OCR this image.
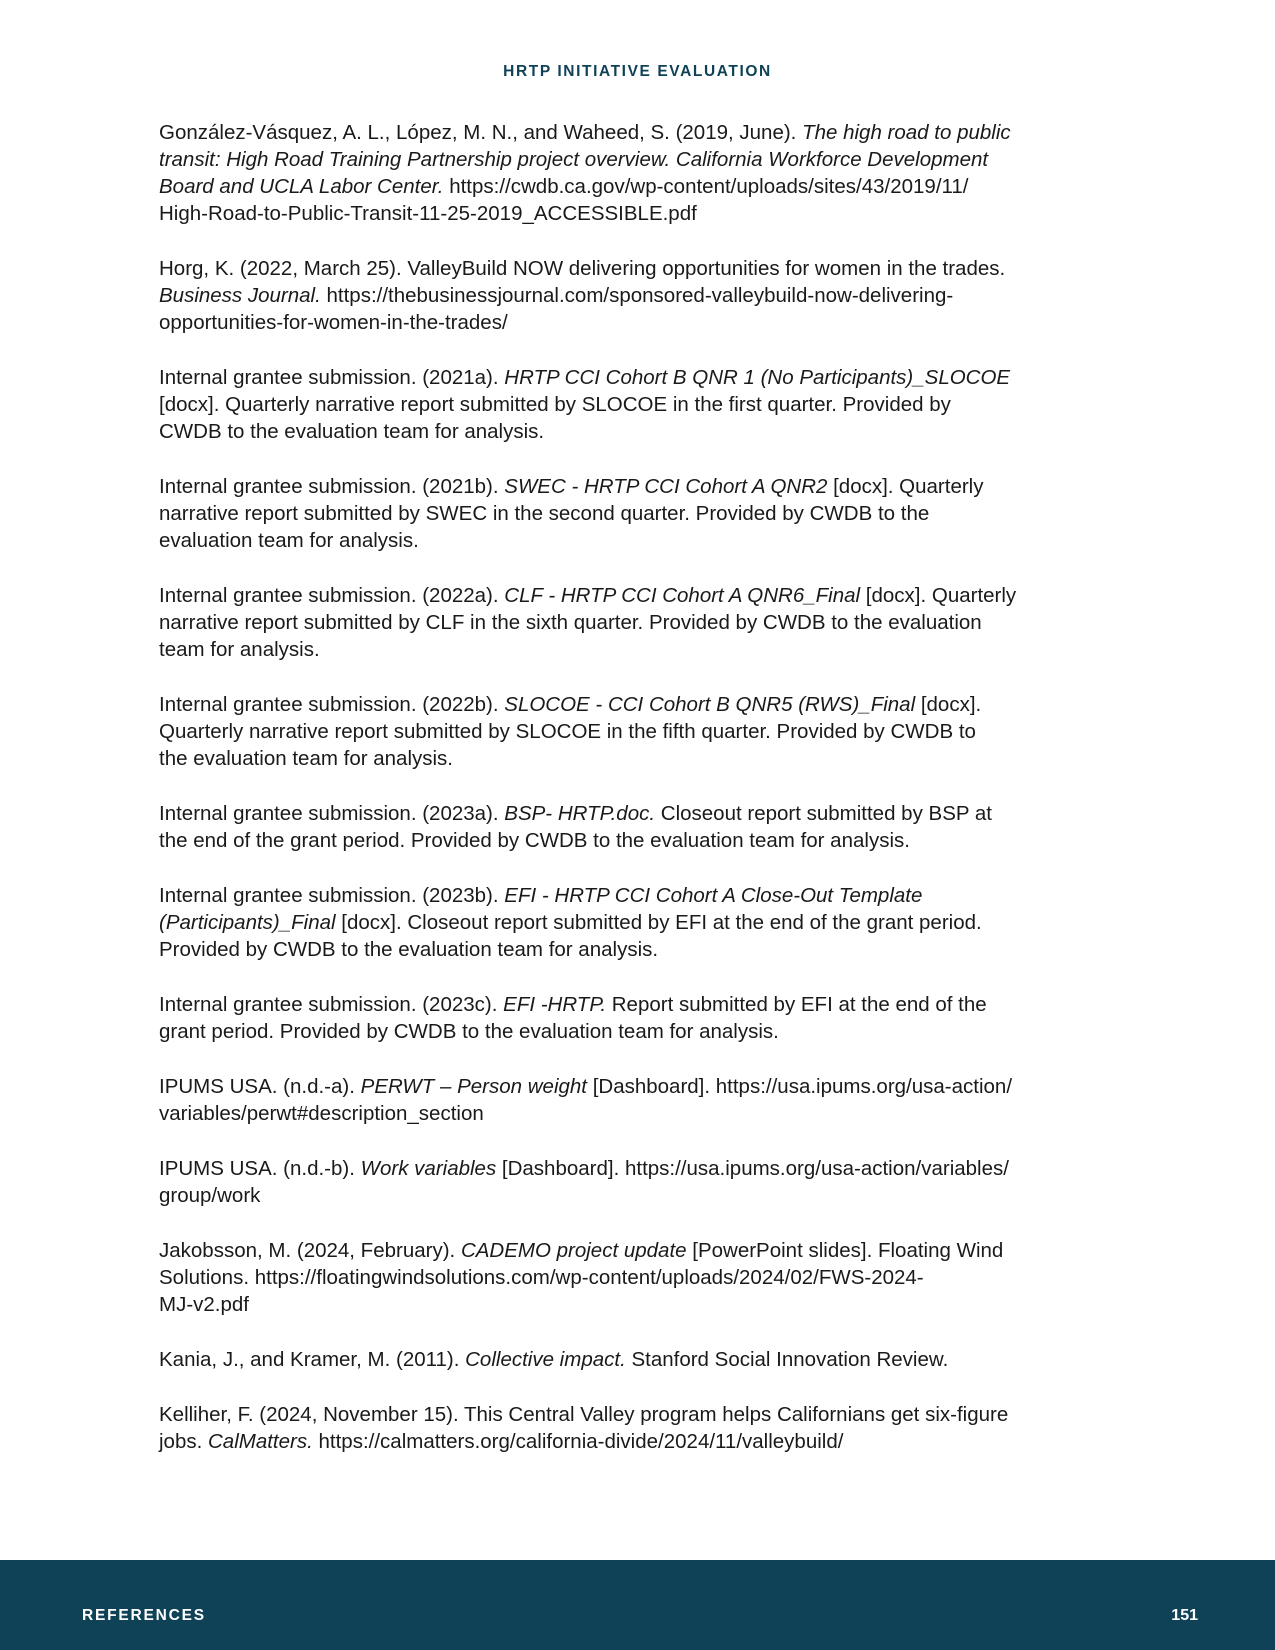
HRTP INITIATIVE EVALUATION
González-Vásquez, A. L., López, M. N., and Waheed, S. (2019, June). The high road to public
transit: High Road Training Partnership project overview. California Workforce Development
Board and UCLA Labor Center. https://cwdb.ca.gov/wp-content/uploads/sites/43/2019/11/
High-Road-to-Public-Transit-11-25-2019_ACCESSIBLE.pdf
Horg, K. (2022, March 25). ValleyBuild NOW delivering opportunities for women in the trades.
Business Journal. https://thebusinessjournal.com/sponsored-valleybuild-now-delivering-
opportunities-for-women-in-the-trades/
Internal grantee submission. (2021a). HRTP CCI Cohort B QNR 1 (No Participants)_SLOCOE
[docx]. Quarterly narrative report submitted by SLOCOE in the first quarter. Provided by
CWDB to the evaluation team for analysis.
Internal grantee submission. (2021b). SWEC - HRTP CCI Cohort A QNR2 [docx]. Quarterly
narrative report submitted by SWEC in the second quarter. Provided by CWDB to the
evaluation team for analysis.
Internal grantee submission. (2022a). CLF - HRTP CCI Cohort A QNR6_Final [docx]. Quarterly
narrative report submitted by CLF in the sixth quarter. Provided by CWDB to the evaluation
team for analysis.
Internal grantee submission. (2022b). SLOCOE - CCI Cohort B QNR5 (RWS)_Final [docx].
Quarterly narrative report submitted by SLOCOE in the fifth quarter. Provided by CWDB to
the evaluation team for analysis.
Internal grantee submission. (2023a). BSP- HRTP.doc. Closeout report submitted by BSP at
the end of the grant period. Provided by CWDB to the evaluation team for analysis.
Internal grantee submission. (2023b). EFI - HRTP CCI Cohort A Close-Out Template
(Participants)_Final [docx]. Closeout report submitted by EFI at the end of the grant period.
Provided by CWDB to the evaluation team for analysis.
Internal grantee submission. (2023c). EFI -HRTP. Report submitted by EFI at the end of the
grant period. Provided by CWDB to the evaluation team for analysis.
IPUMS USA. (n.d.-a). PERWT – Person weight [Dashboard]. https://usa.ipums.org/usa-action/
variables/perwt#description_section
IPUMS USA. (n.d.-b). Work variables [Dashboard]. https://usa.ipums.org/usa-action/variables/
group/work
Jakobsson, M. (2024, February). CADEMO project update [PowerPoint slides]. Floating Wind
Solutions. https://floatingwindsolutions.com/wp-content/uploads/2024/02/FWS-2024-
MJ-v2.pdf
Kania, J., and Kramer, M. (2011). Collective impact. Stanford Social Innovation Review.
Kelliher, F. (2024, November 15). This Central Valley program helps Californians get six-figure
jobs. CalMatters. https://calmatters.org/california-divide/2024/11/valleybuild/
REFERENCES	151
